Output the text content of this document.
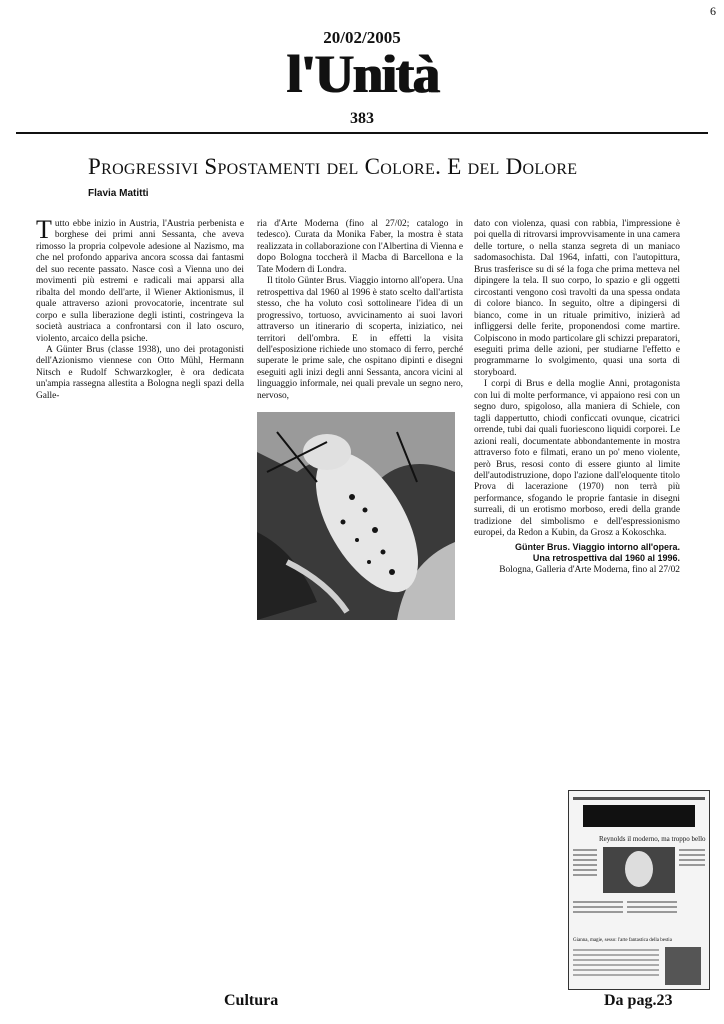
6
20/02/2005
l'Unità
383
Progressivi Spostamenti del Colore. E del Dolore
Flavia Matitti

Tutto ebbe inizio in Austria, l'Austria perbenista e borghese dei primi anni Sessanta, che aveva rimosso la propria colpevole adesione al Nazismo, ma che nel profondo appariva ancora scossa dai fantasmi del suo recente passato. Nasce così a Vienna uno dei movimenti più estremi e radicali mai apparsi alla ribalta del mondo dell'arte, il Wiener Aktionismus, il quale attraverso azioni provocatorie, incentrate sul corpo e sulla liberazione degli istinti, costringeva la società austriaca a confrontarsi con il lato oscuro, violento, arcaico della psiche.

A Günter Brus (classe 1938), uno dei protagonisti dell'Azionismo viennese con Otto Mühl, Hermann Nitsch e Rudolf Schwarzkogler, è ora dedicata un'ampia rassegna allestita a Bologna negli spazi della Galle-

ria d'Arte Moderna (fino al 27/02; catalogo in tedesco). Curata da Monika Faber, la mostra è stata realizzata in collaborazione con l'Albertina di Vienna e dopo Bologna toccherà il Macba di Barcellona e la Tate Modern di Londra.

Il titolo Günter Brus. Viaggio intorno all'opera. Una retrospettiva dal 1960 al 1996 è stato scelto dall'artista stesso, che ha voluto così sottolineare l'idea di un progressivo, tortuoso, avvicinamento ai suoi lavori attraverso un itinerario di scoperta, iniziatico, nei territori dell'ombra. E in effetti la visita dell'esposizione richiede uno stomaco di ferro, perché superate le prime sale, che ospitano dipinti e disegni eseguiti agli inizi degli anni Sessanta, ancora vicini al linguaggio informale, nei quali prevale un segno nero, nervoso,

dato con violenza, quasi con rabbia, l'impressione è poi quella di ritrovarsi improvvisamente in una camera delle torture, o nella stanza segreta di un maniaco sadomasochista. Dal 1964, infatti, con l'autopittura, Brus trasferisce su di sé la foga che prima metteva nel dipingere la tela. Il suo corpo, lo spazio e gli oggetti circostanti vengono così travolti da una spessa ondata di colore bianco. In seguito, oltre a dipingersi di bianco, come in un rituale primitivo, inizierà ad infliggersi delle ferite, proponendosi come martire. Colpiscono in modo particolare gli schizzi preparatori, eseguiti prima delle azioni, per studiarne l'effetto e programmarne lo svolgimento, quasi una sorta di storyboard.

I corpi di Brus e della moglie Anni, protagonista con lui di molte performance, vi appaiono resi con un segno duro, spigoloso, alla maniera di Schiele, con tagli dappertutto, chiodi conficcati ovunque, cicatrici orrende, tubi dai quali fuoriescono liquidi corporei. Le azioni reali, documentate abbondantemente in mostra attraverso foto e filmati, erano un po' meno violente, però Brus, resosi conto di essere giunto al limite dell'autodistruzione, dopo l'azione dall'eloquente titolo Prova di lacerazione (1970) non terrà più performance, sfogando le proprie fantasie in disegni surreali, di un erotismo morboso, eredi della grande tradizione del simbolismo e dell'espressionismo europei, da Redon a Kubin, da Grosz a Kokoschka.

Günter Brus. Viaggio intorno all'opera.
Una retrospettiva dal 1960 al 1996.
Bologna, Galleria d'Arte Moderna, fino al 27/02
Reynolds il moderno, ma troppo bello
Gianna, magie, sesso: l'arte fantastica della bestia
Cultura	Da pag.23
